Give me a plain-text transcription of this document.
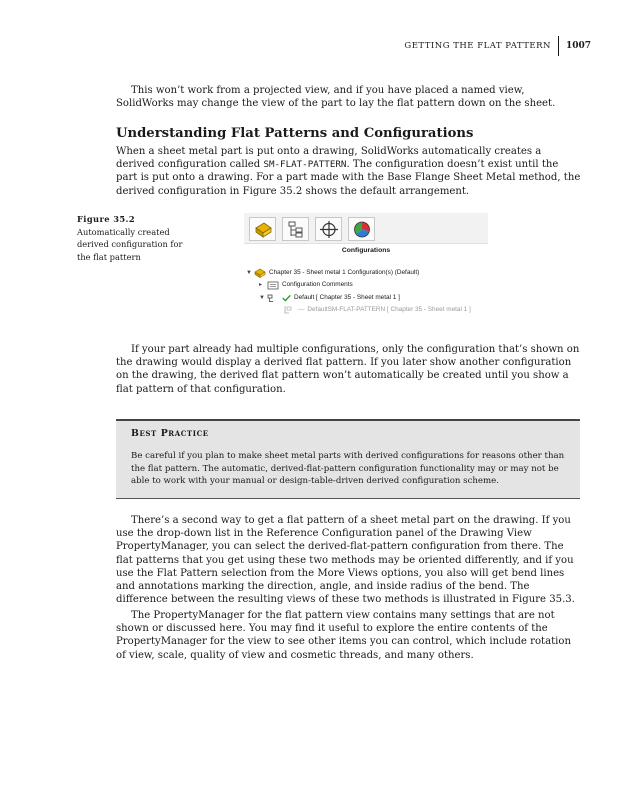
GETTING THE FLAT PATTERN	1007

This won’t work from a projected view, and if you have placed a named view, SolidWorks may change the view of the part to lay the flat pattern down on the sheet.

Understanding Flat Patterns and Configurations

When a sheet metal part is put onto a drawing, SolidWorks automatically creates a derived configuration called SM-FLAT-PATTERN. The configuration doesn’t exist until the part is put onto a drawing. For a part made with the Base Flange Sheet Metal method, the derived configuration in Figure 35.2 shows the default arrangement.

Figure 35.2
Automatically created derived configuration for the flat pattern
Configurations
▼	Chapter 35 - Sheet metal 1 Configuration(s) (Default)
▸	Configuration Comments
▼	Default [ Chapter 35 - Sheet metal 1 ]
— DefaultSM-FLAT-PATTERN [ Chapter 35 - Sheet metal 1 ]

If your part already had multiple configurations, only the configuration that’s shown on the drawing would display a derived flat pattern. If you later show another configuration on the drawing, the derived flat pattern won’t automatically be created until you show a flat pattern of that configuration.

Best Practice
Be careful if you plan to make sheet metal parts with derived configurations for reasons other than the flat pattern. The automatic, derived-flat-pattern configuration functionality may or may not be able to work with your manual or design-table-driven derived configuration scheme.

There’s a second way to get a flat pattern of a sheet metal part on the drawing. If you use the drop-down list in the Reference Configuration panel of the Drawing View PropertyManager, you can select the derived-flat-pattern configuration from there. The flat patterns that you get using these two methods may be oriented differently, and if you use the Flat Pattern selection from the More Views options, you also will get bend lines and annotations marking the direction, angle, and inside radius of the bend. The difference between the resulting views of these two methods is illustrated in Figure 35.3.

The PropertyManager for the flat pattern view contains many settings that are not shown or discussed here. You may find it useful to explore the entire contents of the PropertyManager for the view to see other items you can control, which include rotation of view, scale, quality of view and cosmetic threads, and many others.
